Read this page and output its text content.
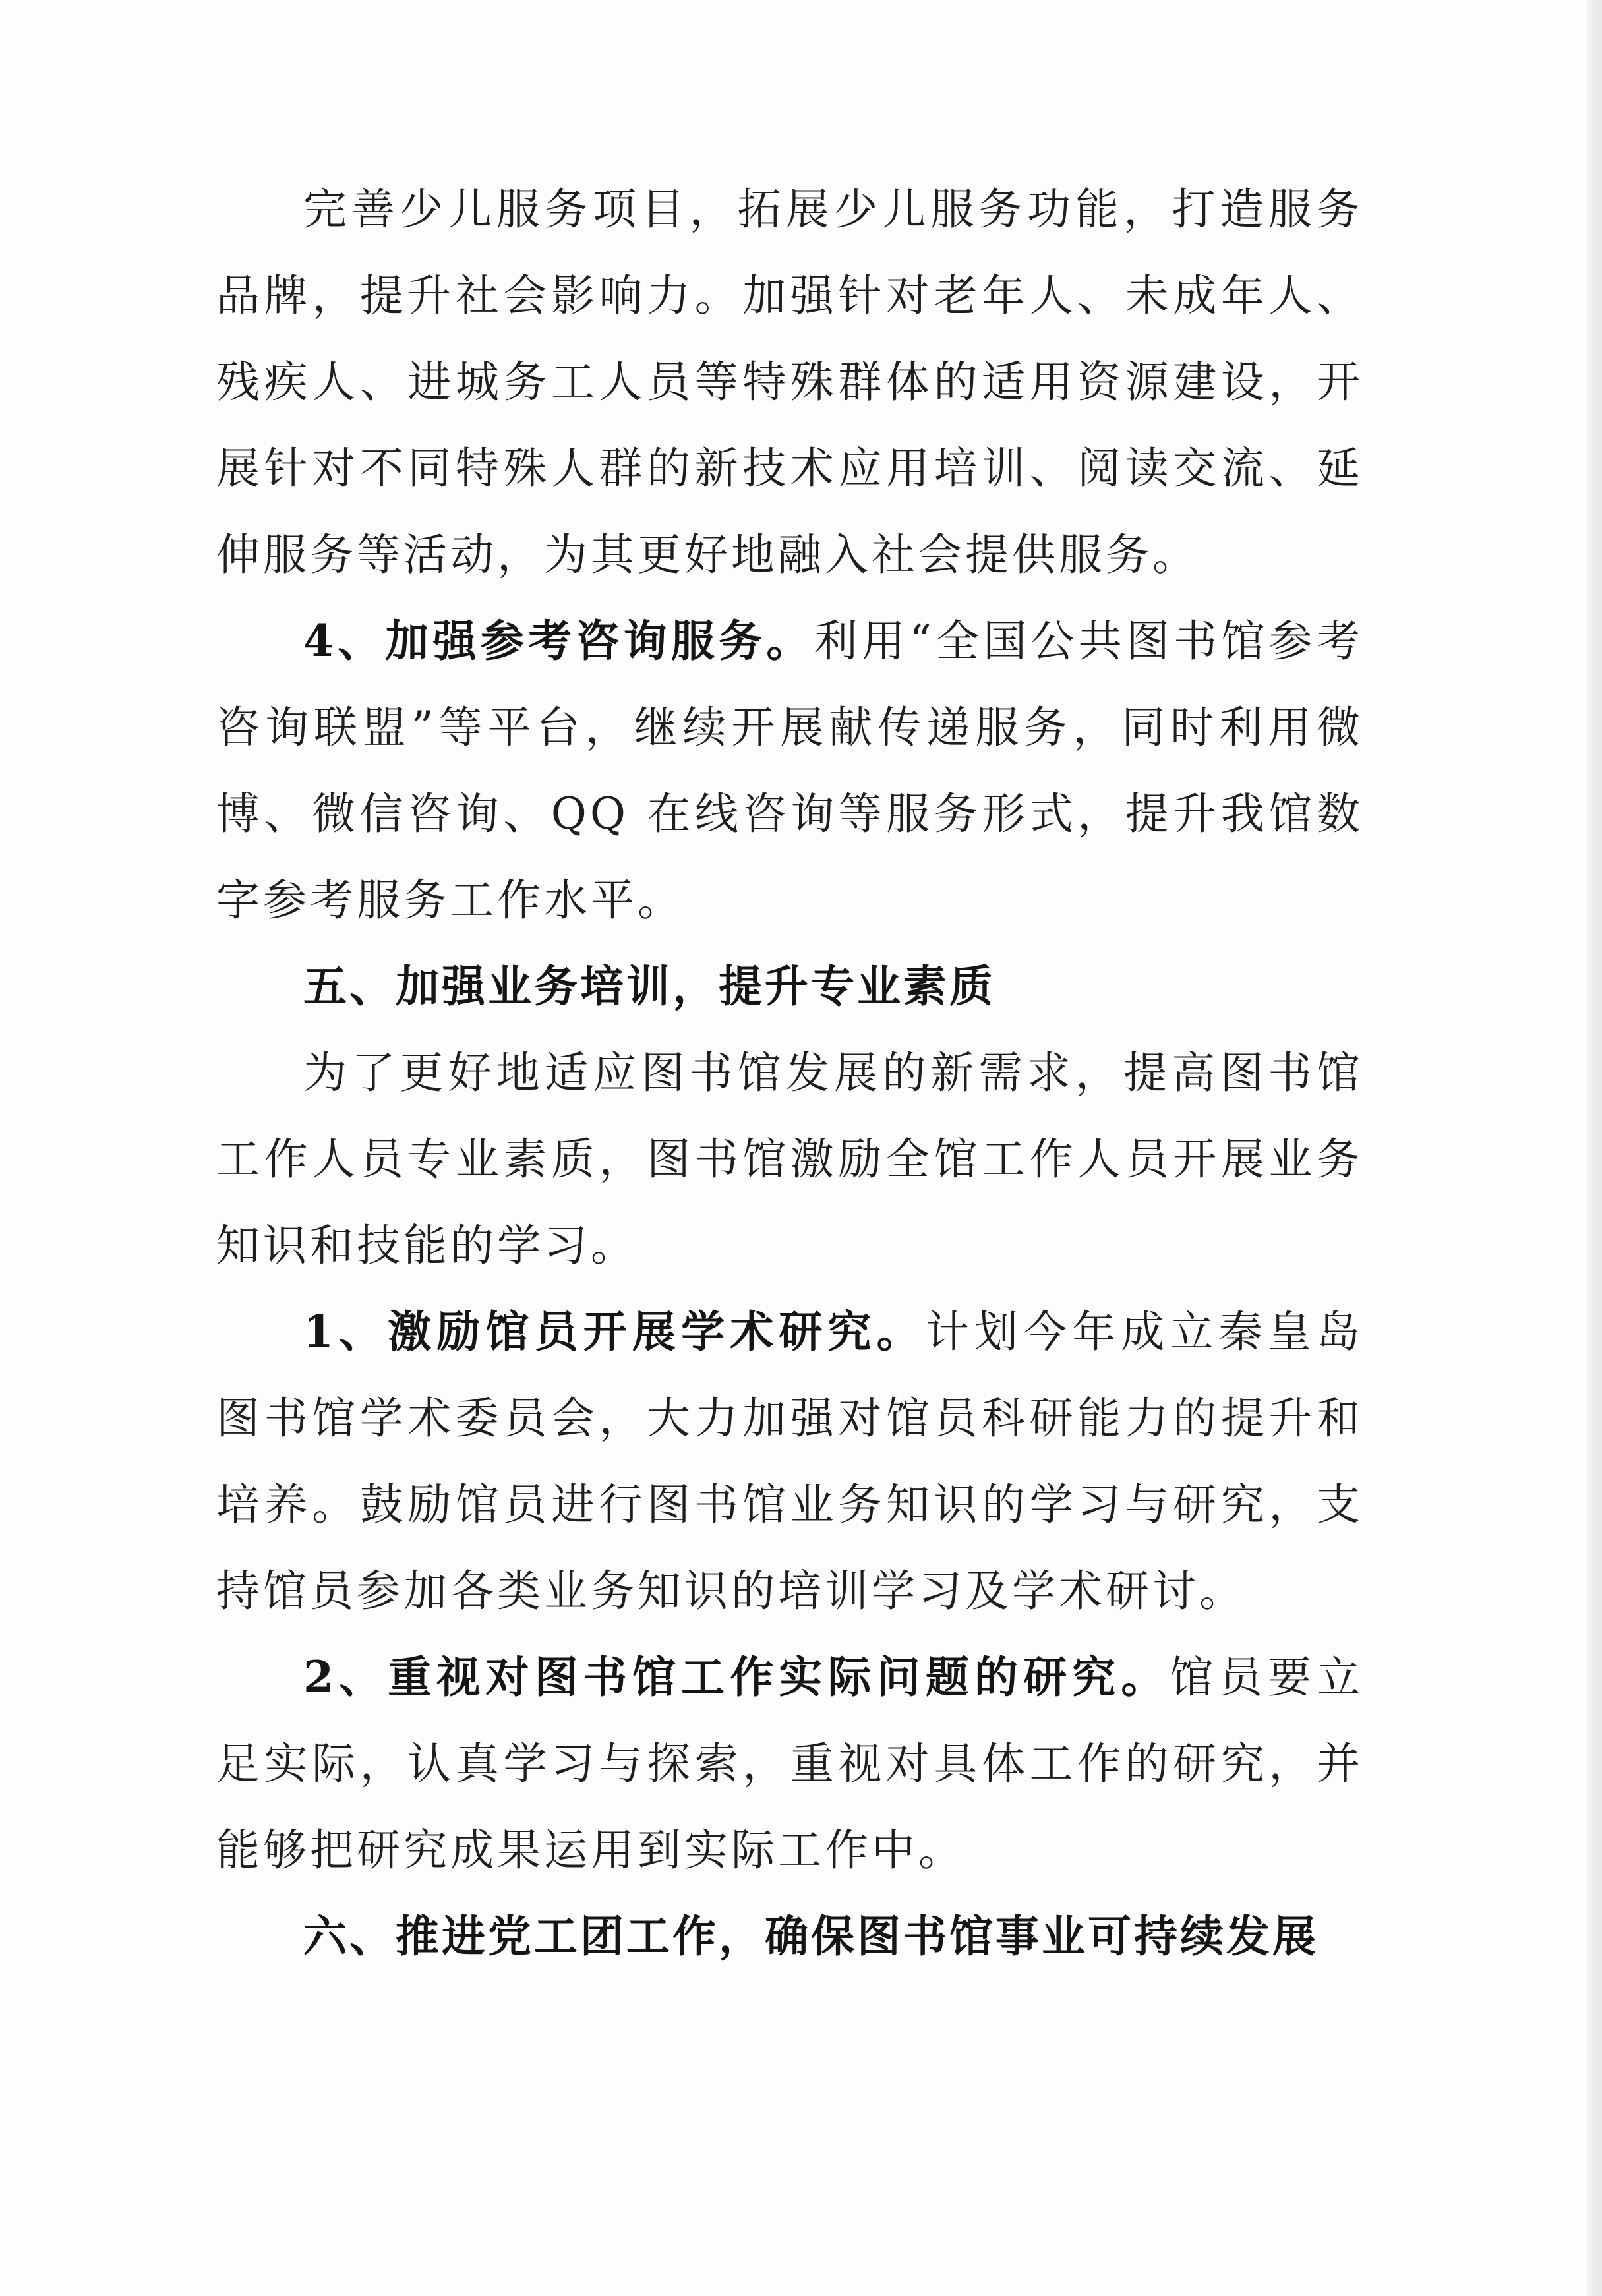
完善少儿服务项目，拓展少儿服务功能，打造服务品牌，提升社会影响力。加强针对老年人、未成年人、残疾人、进城务工人员等特殊群体的适用资源建设，开展针对不同特殊人群的新技术应用培训、阅读交流、延伸服务等活动，为其更好地融入社会提供服务。

4、加强参考咨询服务。利用“全国公共图书馆参考咨询联盟”等平台，继续开展献传递服务，同时利用微博、微信咨询、QQ 在线咨询等服务形式，提升我馆数字参考服务工作水平。

五、加强业务培训，提升专业素质

为了更好地适应图书馆发展的新需求，提高图书馆工作人员专业素质，图书馆激励全馆工作人员开展业务知识和技能的学习。

1、激励馆员开展学术研究。计划今年成立秦皇岛图书馆学术委员会，大力加强对馆员科研能力的提升和培养。鼓励馆员进行图书馆业务知识的学习与研究，支持馆员参加各类业务知识的培训学习及学术研讨。

2、重视对图书馆工作实际问题的研究。馆员要立足实际，认真学习与探索，重视对具体工作的研究，并能够把研究成果运用到实际工作中。

六、推进党工团工作，确保图书馆事业可持续发展
